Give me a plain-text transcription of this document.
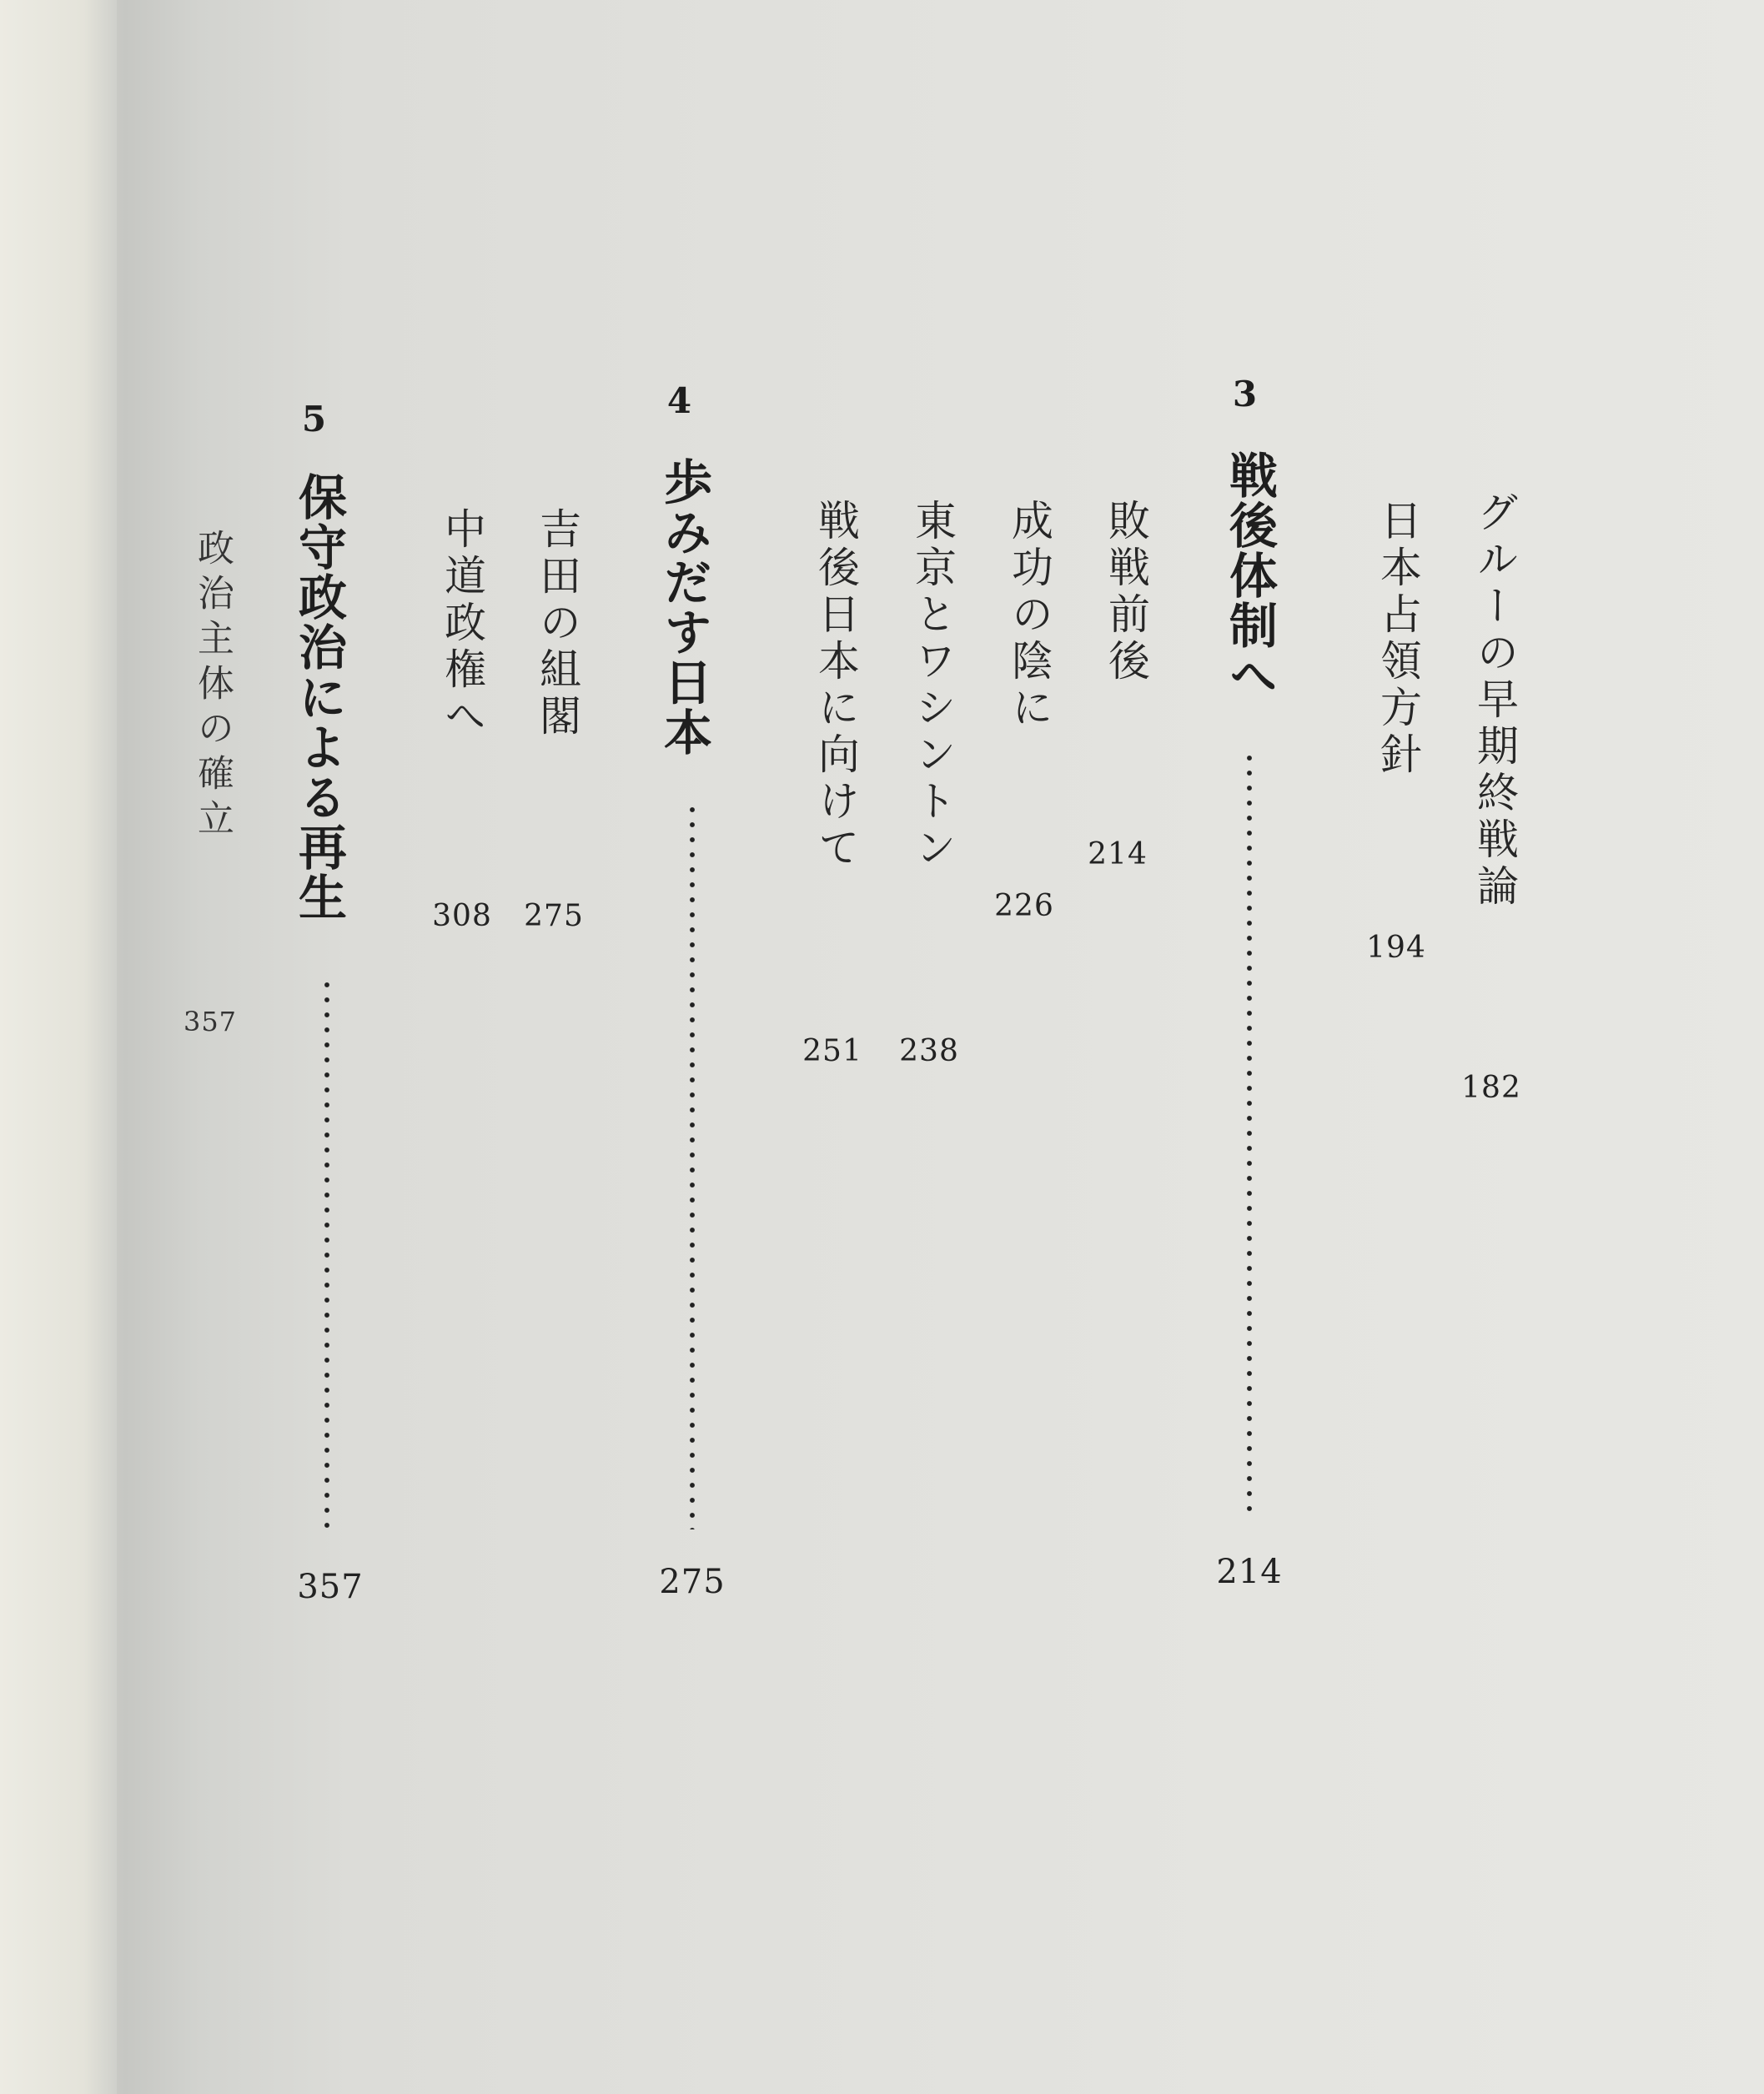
3
戦後体制へ
214
グルーの早期終戦論
182
日本占領方針
194
敗戦前後
214
成功の陰に
226
東京とワシントン
238
戦後日本に向けて
251
4
歩みだす日本
275
吉田の組閣
275
中道政権へ
308
5
保守政治による再生
357
政治主体の確立
357
